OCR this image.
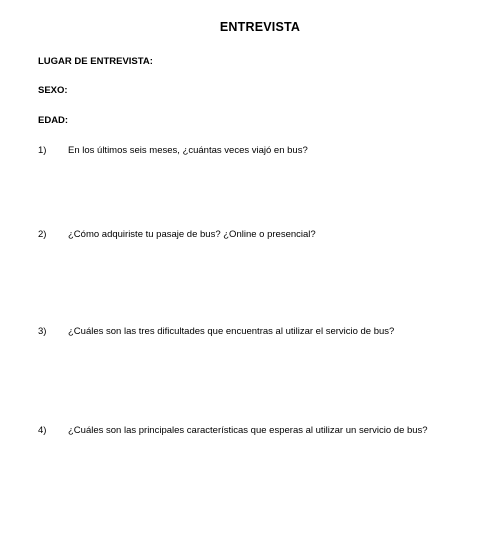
ENTREVISTA
LUGAR DE ENTREVISTA:
SEXO:
EDAD:
1) En los últimos seis meses, ¿cuántas veces viajó en bus?
2) ¿Cómo adquiriste tu pasaje de bus? ¿Online o presencial?
3) ¿Cuáles son las tres dificultades que encuentras al utilizar el servicio de bus?
4) ¿Cuáles son las principales características que esperas al utilizar un servicio de bus?
